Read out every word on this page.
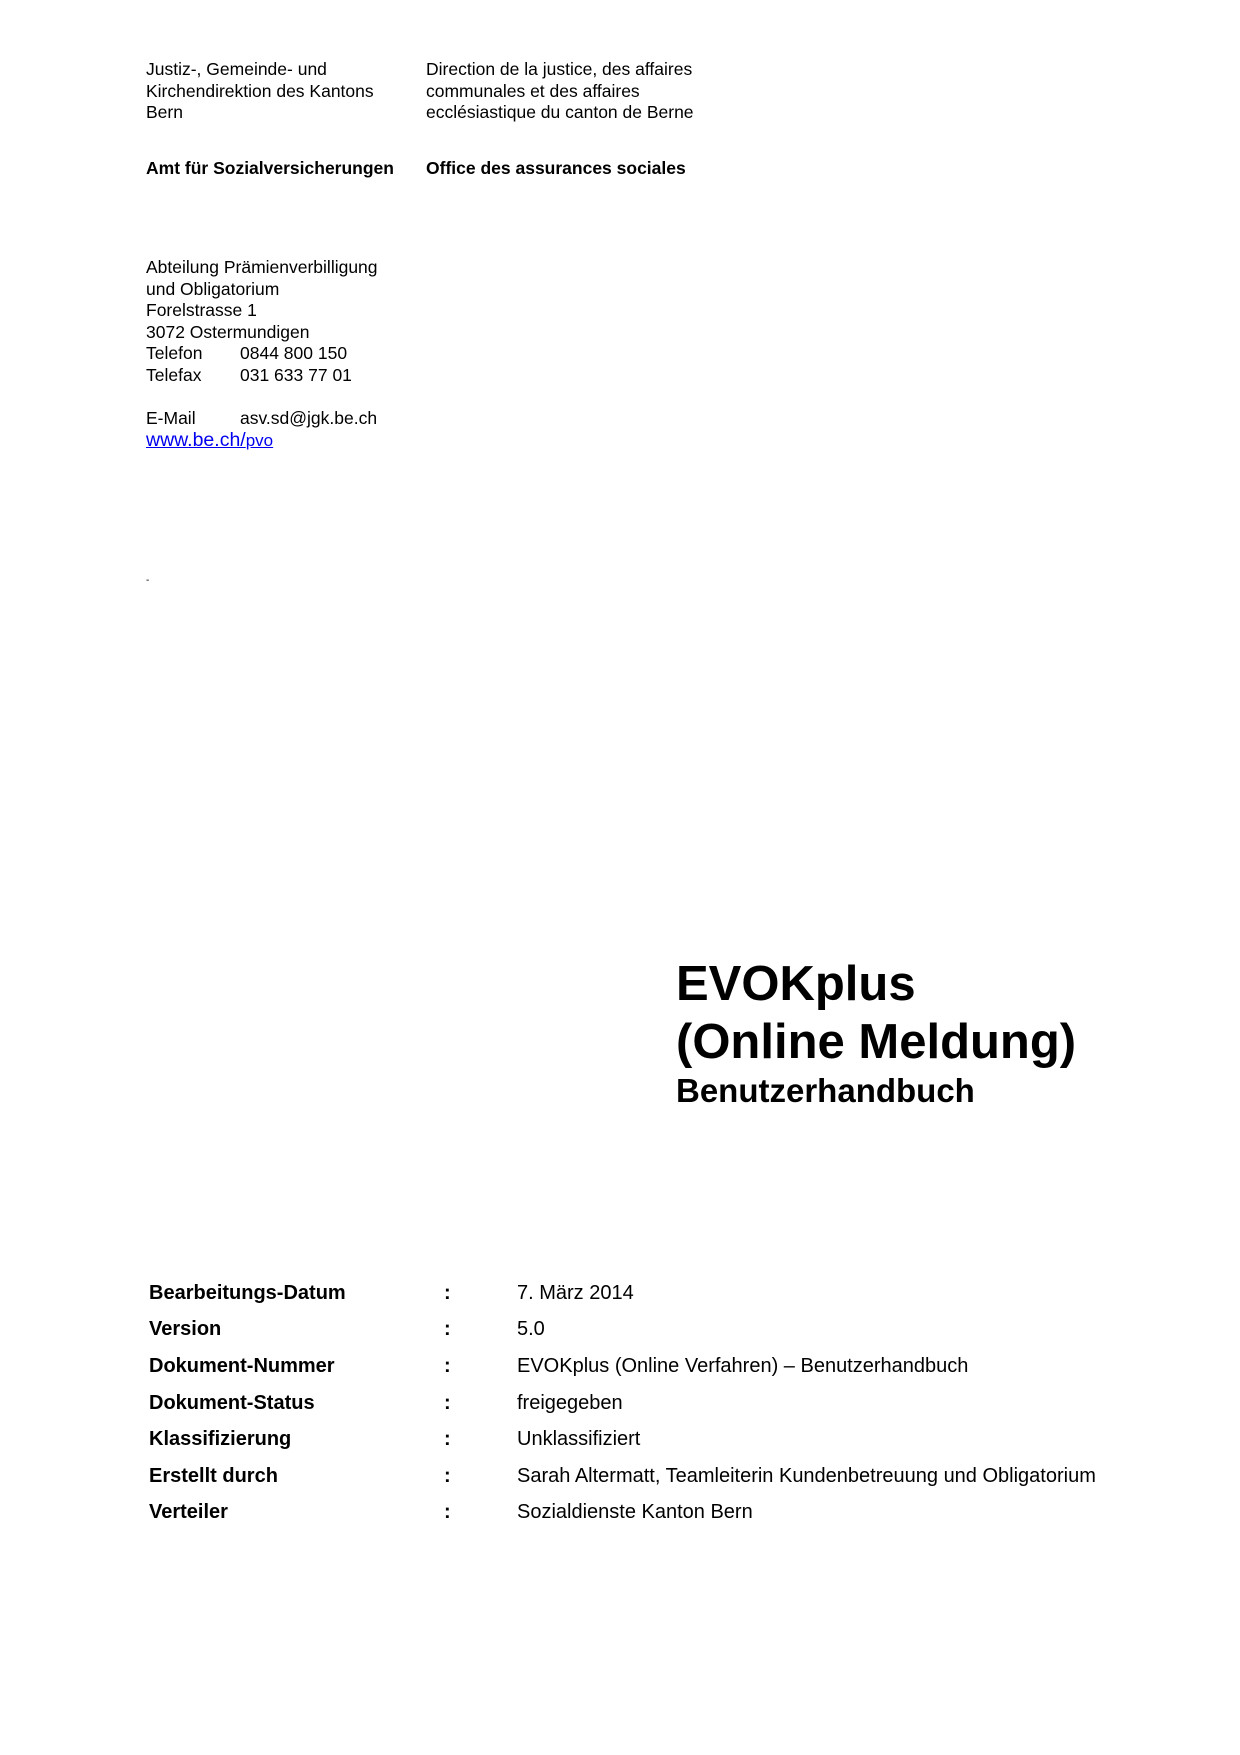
Justiz-, Gemeinde- und
Kirchendirektion des Kantons
Bern
Direction de la justice, des affaires
communales et des affaires
ecclésiastique du canton de Berne
Amt für Sozialversicherungen Office des assurances sociales
Abteilung Prämienverbilligung
und Obligatorium
Forelstrasse 1
3072 Ostermundigen
Telefon	0844 800 150
Telefax	031 633 77 01
E-Mail	asv.sd@jgk.be.ch
www.be.ch/pvo
-
EVOKplus
(Online Meldung)
Benutzerhandbuch
Bearbeitungs-Datum	:	7. März 2014
Version	:	5.0
Dokument-Nummer	:	EVOKplus (Online Verfahren) – Benutzerhandbuch
Dokument-Status	:	freigegeben
Klassifizierung	:	Unklassifiziert
Erstellt durch	:	Sarah Altermatt, Teamleiterin Kundenbetreuung und Obligatorium
Verteiler	:	Sozialdienste Kanton Bern
